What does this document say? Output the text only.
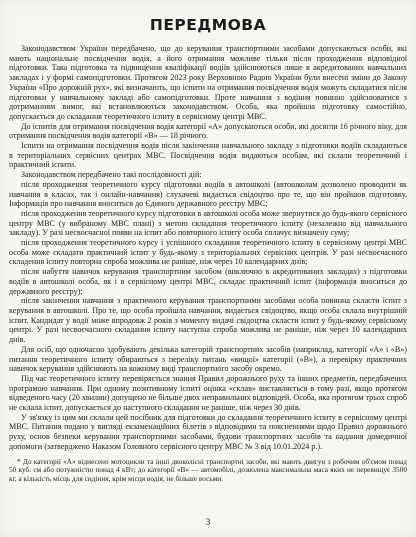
ПЕРЕДМОВА

Законодавством України передбачено, що до керування транспортними засобами допускаються особи, які мають національне посвідчення водія, а його отримання можливе тільки після проходження відповідної підготовки. Така підготовка та підвищення кваліфікації водіїв здійснюються лише в акредитованих навчальних закладах і у формі самопідготовки. Протягом 2023 року Верховною Радою України були внесені зміни до Закону України «Про дорожній рух», які визначають, що іспити на отримання посвідчення водія можуть складатися після підготовки у навчальному закладі або самопідготовки. Проте навчання з водіння повинно здійснюватися з дотриманням вимог, які встановлюються законодавством. Особа, яка пройшла підготовку самостійно, допускається до складання теоретичного іспиту в сервісному центрі МВС.

До іспитів для отримання посвідчення водія категорії «A» допускаються особи, які досягли 16 річного віку, для отримання посвідчення водія категорії «B» — 18 річного.

Іспити на отримання посвідчення водія після закінчення навчального закладу з підготовки водіїв складаються в територіальних сервісних центрах МВС. Посвідчення водія видаються особам, які склали теоретичний і практичний іспити.

Законодавством передбачено такі послідовності дій:

після проходження теоретичного курсу підготовки водіїв в автошколі (автошколам дозволено проводити як навчання в класах, так і онлайн-навчання) слухачеві видається свідоцтво про те, що він пройшов підготовку. Інформація про навчання вноситься до Єдиного державного реєстру МВС;

після проходження теоретичного курсу підготовки в автошколі особа може звернутися до будь-якого сервісного центру МВС (у вибраному МВС плані) з метою складання теоретичного іспиту (незалежно від навчального закладу). У разі несвоєчасної появи на іспит або повторного іспиту особа сплачує визначену суму;

після проходження теоретичного курсу і успішного складання теоретичного іспиту в сервісному центрі МВС особа може складати практичний іспит у будь-якому з територіальних сервісних центрів. У разі несвоєчасного складення іспиту повторна спроба можлива не раніше, ніж через 10 календарних днів;

після набуття навичок керування транспортним засобом (виключно в акредитованих закладах) з підготовки водіїв в автошколі особа, як і в сервісному центрі МВС, складає практичний іспит (інформація вноситься до державного реєстру);

після закінчення навчання з практичного керування транспортними засобами особа повинна скласти іспит з керування в автошколі. Про те, що особа пройшла навчання, видається свідоцтво, якщо особа склала внутрішній іспит. Кандидат у водії може впродовж 2 років з моменту видачі свідоцтва скласти іспит у будь-якому сервісному центрі. У разі несвоєчасного складання іспиту наступна спроба можлива не раніше, ніж через 10 календарних днів.

Для осіб, що одночасно здобувають декілька категорій транспортних засобів (наприклад, категорії «A» і «B») питання теоретичного іспиту обираються з переліку питань «вищої» категорії («B»), а перевірку практичних навичок керування здійснюють на кожному виді транспортного засобу окремо.

Під час теоретичного іспиту перевіряється знання Правил дорожнього руху та інших предметів, передбачених програмою навчання. При одному позитивному іспиті оцінка «склав» виставляється в тому разі, якщо протягом відведеного часу (20 хвилин) допущено не більше двох неправильних відповідей. Особа, яка протягом трьох спроб не склала іспит, допускається до наступного складання не раніше, ніж через 30 днів.

У зв'язку із цим ми склали цей посібник для підготовки до складання теоретичного іспиту в сервісному центрі МВС. Питання подано у вигляді екзаменаційних білетів з відповідями та поясненнями щодо Правил дорожнього руху, основ безпеки керування транспортними засобами, будови транспортних засобів та надання домедичної допомоги (затверджено Наказом Головного сервісного центру МВС № 3 від 10.01.2024 р.).

* До категорії «A» віднесено мотоцикли та інші двоколісні транспортні засоби, які мають двигун з робочим об'ємом понад 50 куб. см або потужністю понад 4 кВт; до категорії «B» — автомобілі, дозволена максимальна маса яких не перевищує 3500 кг, а кількість місць для сидіння, крім місця водія, не більше восьми.

3
